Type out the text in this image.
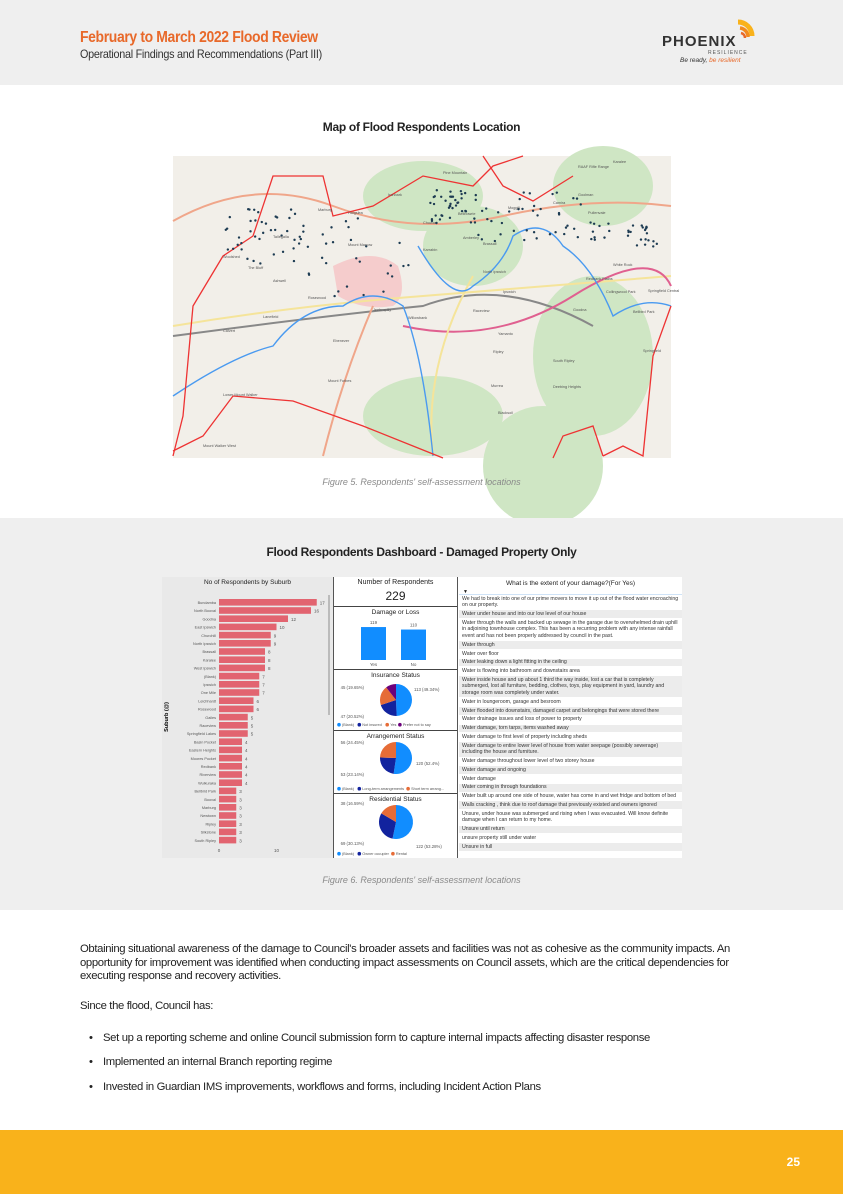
February to March 2022 Flood Review
Operational Findings and Recommendations (Part III)
PHOENIX
RESILIENCE
Be ready, be resilient
Map of Flood Respondents Location
Pine Mountain
Ironbark
Marburg
Haigslea
Tallegalla
Mount Marrow
Woolshed
The Bluff
Ashwell
Rosewood
Lanefield
Calvert
Ebenezer
Mount Forbes
Lower Mount Walker
Mount Walker West
Karrabin
Jeebropilly
Willowbank
Amberley
Brassall
North Ipswich
Ipswich
Raceview
Yamanto
Ripley
Deebing Heights
South Ripley
White Rock
Goodna
Redbank Plains
Collingwood Park
Bellbird Park
Springfield
Springfield Central
Camira
Karalee
Pullenvale
Moggill
Bellbowrie
Chuwar
Murrea
Blacksoil
RAAF Rifle Range
Goolman
Figure 5. Respondents' self-assessment locations
Flood Respondents Dashboard - Damaged Property Only
No of Respondents by Suburb
Suburb (@)
Bundamba	17
North Booval	16
Goodna	12
East Ipswich	10
Churchill	9
North Ipswich	9
Brassall	8
Karalee	8
West Ipswich	8
(Blank)	7
Ipswich	7
One Mile	7
Leichhardt	6
Rosewood	6
Gailes	5
Raceview	5
Springfield Lakes	5
Basin Pocket	4
Eastern Heights	4
Moores Pocket	4
Redbank	4
Riverview	4
Wulkuraka	4
Bellbird Park	3
Booval	3
Marburg	3
Newtown	3
Ripley	3
Silkstone	3
South Ripley	3
0	10
Number of Respondents
229
Damage or Loss
119
Yes
110
No
Insurance Status
113 (49.34%)
47 (20.52%)
45 (19.65%)
(Blank) Not insured Yes Prefer not to say
Arrangement Status
120 (52.4%)
53 (23.14%)
56 (24.45%)
(Blank) Long-term arrangements Short term arrang...
Residential Status
122 (53.28%)
69 (30.13%)
38 (16.59%)
(Blank) Owner occupier Rental
What is the extent of your damage?(For Yes)
▼
We had to break into one of our prime movers to move it up out of the flood water encroaching on our property.
Water under house and into our low level of our house
Water through the walls and backed up sewage in the garage due to overwhelmed drain uphill in adjoining townhouse complex. This has been a recurring problem with any intense rainfall event and has not been properly addressed by council in the past.
Water through
Water over floor
Water leaking down a light fitting in the ceiling
Water is flowing into bathroom and downstairs area
Water inside house and up about 1 third the way inside, lost a car that is completely submerged, lost all furniture, bedding, clothes, toys, play equipment in yard, laundry and storage room was completely under water.
Water in loungeroom, garage and besroom
Water flooded into downstairs, damaged carpet and belongings that were stored there
Water drainage issues and loss of power to property
Water damage, torn tarps, items washed away
Water damage to first level of property including sheds
Water damage to entire lower level of house from water seepage (possibly sewerage) including the house and furniture.
Water damage throughout lower level of two storey house
Water damage and ongoing
Water damage
Water coming in through foundations
Water built up around one side of house, water has come in and wet fridge and bottom of bed
Walls cracking , think due to roof damage that previously existed and owners ignored
Unsure, under house was submerged and rising when I was evacuated. Will know definite damage when I can return to my home.
Unsure until return
unsure property still under water
Unsure in full
Figure 6. Respondents' self-assessment locations
Obtaining situational awareness of the damage to Council's broader assets and facilities was not as cohesive as the community impacts. An opportunity for improvement was identified when conducting impact assessments on Council assets, which are the critical dependencies for executing response and recovery activities.
Since the flood, Council has:
• Set up a reporting scheme and online Council submission form to capture internal impacts affecting disaster response
• Implemented an internal Branch reporting regime
• Invested in Guardian IMS improvements, workflows and forms, including Incident Action Plans
25
